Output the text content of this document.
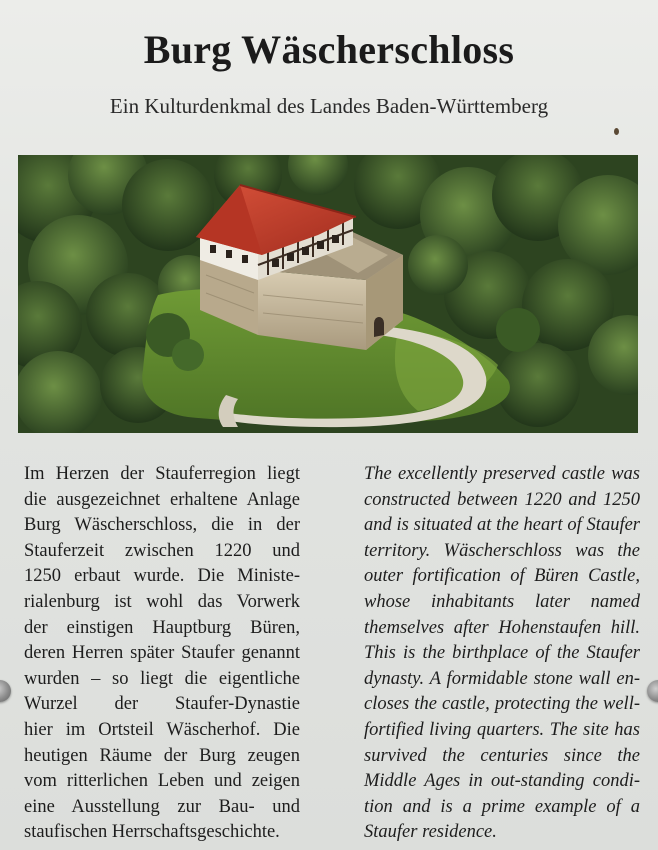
Burg Wäscherschloss
Ein Kulturdenkmal des Landes Baden-Württemberg
Im Herzen der Stauferregion liegt
die ausgezeichnet erhaltene Anlage
Burg Wäscherschloss, die in der
Stauferzeit zwischen 1220 und
1250 erbaut wurde. Die Ministe-
rialenburg ist wohl das Vorwerk
der einstigen Hauptburg Büren,
deren Herren später Staufer genannt
wurden – so liegt die eigentliche
Wurzel der Staufer-Dynastie
hier im Ortsteil Wäscherhof. Die
heutigen Räume der Burg zeugen
vom ritterlichen Leben und zeigen
eine Ausstellung zur Bau- und
staufischen Herrschaftsgeschichte.
The excellently preserved castle was
constructed between 1220 and 1250
and is situated at the heart of Staufer
territory. Wäscherschloss was the
outer fortification of Büren Castle,
whose inhabitants later named
themselves after Hohenstaufen hill.
This is the birthplace of the Staufer
dynasty. A formidable stone wall en-
closes the castle, protecting the well-
fortified living quarters. The site has
survived the centuries since the
Middle Ages in out-standing condi-
tion and is a prime example of a
Staufer residence.
